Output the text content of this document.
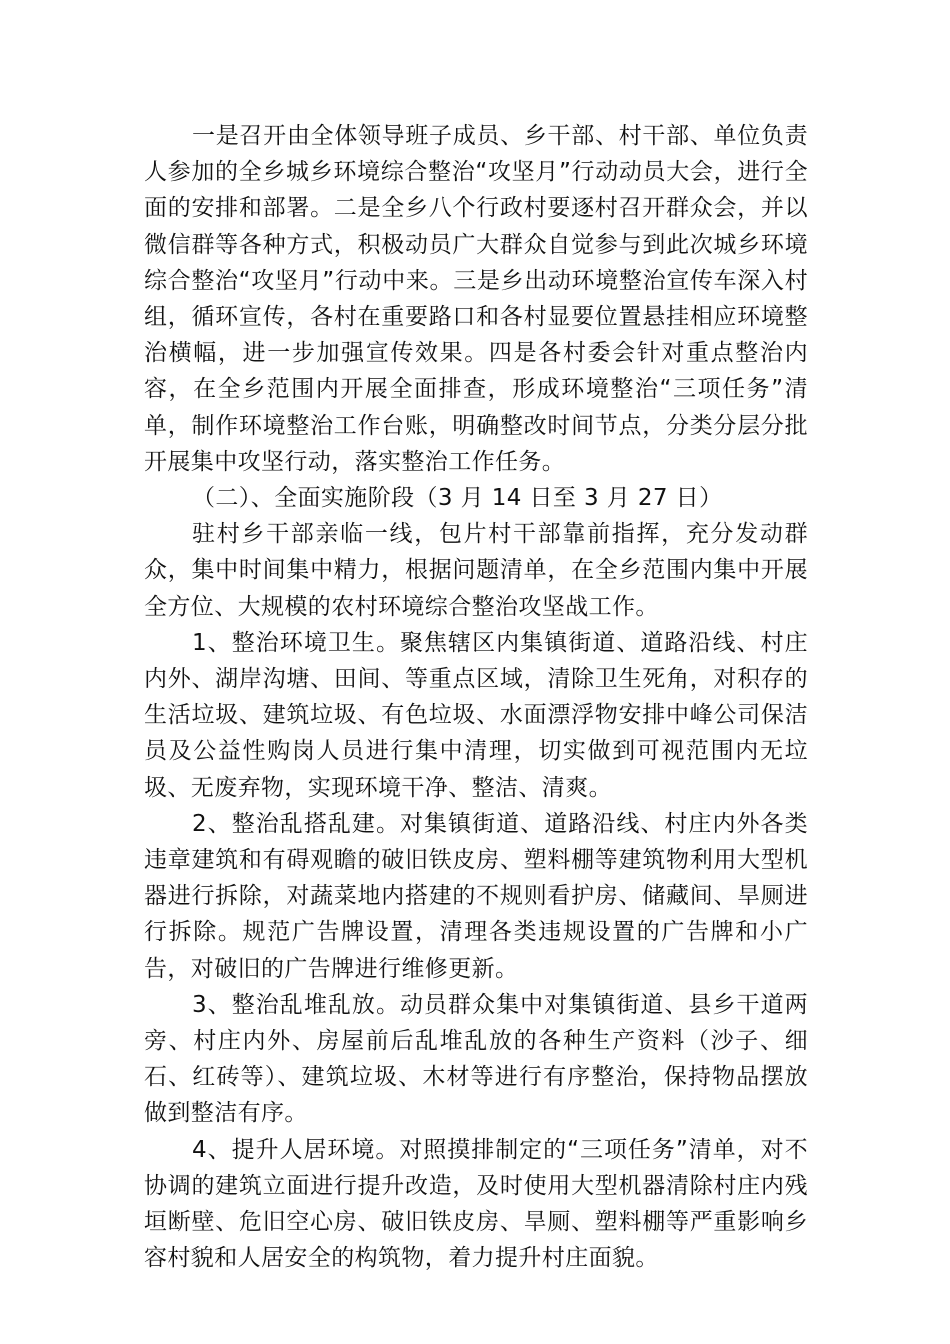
一是召开由全体领导班子成员、乡干部、村干部、单位负责人参加的全乡城乡环境综合整治“攻坚月”行动动员大会，进行全面的安排和部署。二是全乡八个行政村要逐村召开群众会，并以微信群等各种方式，积极动员广大群众自觉参与到此次城乡环境综合整治“攻坚月”行动中来。三是乡出动环境整治宣传车深入村组，循环宣传，各村在重要路口和各村显要位置悬挂相应环境整治横幅，进一步加强宣传效果。四是各村委会针对重点整治内容，在全乡范围内开展全面排查，形成环境整治“三项任务”清单，制作环境整治工作台账，明确整改时间节点，分类分层分批开展集中攻坚行动，落实整治工作任务。

（二）、全面实施阶段（3 月 14 日至 3 月 27 日）

驻村乡干部亲临一线，包片村干部靠前指挥，充分发动群众，集中时间集中精力，根据问题清单，在全乡范围内集中开展全方位、大规模的农村环境综合整治攻坚战工作。

1、整治环境卫生。聚焦辖区内集镇街道、道路沿线、村庄内外、湖岸沟塘、田间、等重点区域，清除卫生死角，对积存的生活垃圾、建筑垃圾、有色垃圾、水面漂浮物安排中峰公司保洁员及公益性购岗人员进行集中清理，切实做到可视范围内无垃圾、无废弃物，实现环境干净、整洁、清爽。

2、整治乱搭乱建。对集镇街道、道路沿线、村庄内外各类违章建筑和有碍观瞻的破旧铁皮房、塑料棚等建筑物利用大型机器进行拆除，对蔬菜地内搭建的不规则看护房、储藏间、旱厕进行拆除。规范广告牌设置，清理各类违规设置的广告牌和小广告，对破旧的广告牌进行维修更新。

3、整治乱堆乱放。动员群众集中对集镇街道、县乡干道两旁、村庄内外、房屋前后乱堆乱放的各种生产资料（沙子、细石、红砖等）、建筑垃圾、木材等进行有序整治，保持物品摆放做到整洁有序。

4、提升人居环境。对照摸排制定的“三项任务”清单，对不协调的建筑立面进行提升改造，及时使用大型机器清除村庄内残垣断壁、危旧空心房、破旧铁皮房、旱厕、塑料棚等严重影响乡容村貌和人居安全的构筑物，着力提升村庄面貌。
